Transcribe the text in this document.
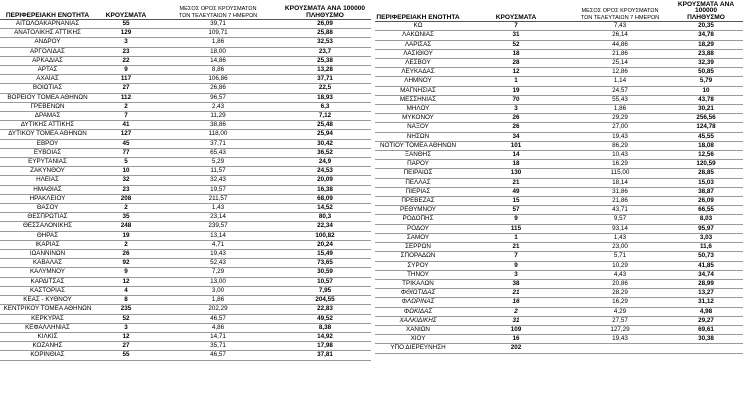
ΠΕΡΙΦΕΡΕΙΑΚΗ ΕΝΟΤΗΤΑ	ΚΡΟΥΣΜΑΤΑ	ΜΕΣΟΣ ΟΡΟΣ ΚΡΟΥΣΜΑΤΩΝ
ΤΩΝ ΤΕΛΕΥΤΑΙΩΝ 7 ΗΜΕΡΩΝ	ΚΡΟΥΣΜΑΤΑ ΑΝΑ 100000
ΠΛΗΘΥΣΜΟ
ΑΙΤΩΛΟΑΚΑΡΝΑΝΙΑΣ	55	39,71	26,09
ΑΝΑΤΟΛΙΚΗΣ ΑΤΤΙΚΗΣ	129	109,71	25,88
ΑΝΔΡΟΥ	3	1,86	32,53
ΑΡΓΟΛΙΔΑΣ	23	18,00	23,7
ΑΡΚΑΔΙΑΣ	22	14,86	25,38
ΑΡΤΑΣ	9	8,86	13,28
ΑΧΑΪΑΣ	117	106,86	37,71
ΒΟΙΩΤΙΑΣ	27	26,86	22,5
ΒΟΡΕΙΟΥ ΤΟΜΕΑ ΑΘΗΝΩΝ	112	96,57	18,93
ΓΡΕΒΕΝΩΝ	2	2,43	6,3
ΔΡΑΜΑΣ	7	11,29	7,12
ΔΥΤΙΚΗΣ ΑΤΤΙΚΗΣ	41	38,86	25,48
ΔΥΤΙΚΟΥ ΤΟΜΕΑ ΑΘΗΝΩΝ	127	118,00	25,94
ΕΒΡΟΥ	45	37,71	30,42
ΕΥΒΟΙΑΣ	77	65,43	36,52
ΕΥΡΥΤΑΝΙΑΣ	5	5,29	24,9
ΖΑΚΥΝΘΟΥ	10	11,57	24,53
ΗΛΕΙΑΣ	32	32,43	20,09
ΗΜΑΘΙΑΣ	23	19,57	16,38
ΗΡΑΚΛΕΙΟΥ	208	211,57	68,09
ΘΑΣΟΥ	2	1,43	14,52
ΘΕΣΠΡΩΤΙΑΣ	35	23,14	80,3
ΘΕΣΣΑΛΟΝΙΚΗΣ	248	239,57	22,34
ΘΗΡΑΣ	19	13,14	100,82
ΙΚΑΡΙΑΣ	2	4,71	20,24
ΙΩΑΝΝΙΝΩΝ	26	19,43	15,49
ΚΑΒΑΛΑΣ	92	52,43	73,65
ΚΑΛΥΜΝΟΥ	9	7,29	30,59
ΚΑΡΔΙΤΣΑΣ	12	13,00	10,57
ΚΑΣΤΟΡΙΑΣ	4	3,00	7,95
ΚΕΑΣ - ΚΥΘΝΟΥ	8	1,86	204,55
ΚΕΝΤΡΙΚΟΥ ΤΟΜΕΑ ΑΘΗΝΩΝ	235	202,29	22,83
ΚΕΡΚΥΡΑΣ	52	46,57	49,52
ΚΕΦΑΛΛΗΝΙΑΣ	3	4,86	8,38
ΚΙΛΚΙΣ	12	14,71	14,92
ΚΟΖΑΝΗΣ	27	35,71	17,98
ΚΟΡΙΝΘΙΑΣ	55	46,57	37,81
ΠΕΡΙΦΕΡΕΙΑΚΗ ΕΝΟΤΗΤΑ	ΚΡΟΥΣΜΑΤΑ	ΜΕΣΟΣ ΟΡΟΣ ΚΡΟΥΣΜΑΤΩΝ
ΤΩΝ ΤΕΛΕΥΤΑΙΩΝ 7 ΗΜΕΡΩΝ	ΚΡΟΥΣΜΑΤΑ ΑΝΑ 100000
ΠΛΗΘΥΣΜΟ
ΚΩ	7	7,43	20,35
ΛΑΚΩΝΙΑΣ	31	26,14	34,78
ΛΑΡΙΣΑΣ	52	44,86	18,29
ΛΑΣΙΘΙΟΥ	18	21,86	23,88
ΛΕΣΒΟΥ	28	25,14	32,39
ΛΕΥΚΑΔΑΣ	12	12,86	50,85
ΛΗΜΝΟΥ	1	1,14	5,79
ΜΑΓΝΗΣΙΑΣ	19	24,57	10
ΜΕΣΣΗΝΙΑΣ	70	55,43	43,78
ΜΗΛΟΥ	3	1,86	30,21
ΜΥΚΟΝΟΥ	26	29,29	256,56
ΝΑΞΟΥ	26	27,00	124,78
ΝΗΣΩΝ	34	19,43	45,55
ΝΟΤΙΟΥ ΤΟΜΕΑ ΑΘΗΝΩΝ	101	86,29	18,08
ΞΑΝΘΗΣ	14	10,43	12,56
ΠΑΡΟΥ	18	16,29	120,59
ΠΕΙΡΑΙΩΣ	130	115,00	28,85
ΠΕΛΛΑΣ	21	18,14	15,03
ΠΙΕΡΙΑΣ	49	31,86	38,87
ΠΡΕΒΕΖΑΣ	15	21,86	26,09
ΡΕΘΥΜΝΟΥ	57	43,71	66,55
ΡΟΔΟΠΗΣ	9	9,57	8,03
ΡΟΔΟΥ	115	93,14	95,97
ΣΑΜΟΥ	1	1,43	3,03
ΣΕΡΡΩΝ	21	23,00	11,6
ΣΠΟΡΑΔΩΝ	7	5,71	50,73
ΣΥΡΟΥ	9	10,29	41,85
ΤΗΝΟΥ	3	4,43	34,74
ΤΡΙΚΑΛΩΝ	38	20,86	28,99
ΦΘΙΩΤΙΔΑΣ	21	28,29	13,27
ΦΛΩΡΙΝΑΣ	16	16,29	31,12
ΦΩΚΙΔΑΣ	2	4,29	4,98
ΧΑΛΚΙΔΙΚΗΣ	31	27,57	29,27
ΧΑΝΙΩΝ	109	127,29	69,61
ΧΙΟΥ	16	19,43	30,38
ΥΠΟ ΔΙΕΡΕΥΝΗΣΗ	202		
